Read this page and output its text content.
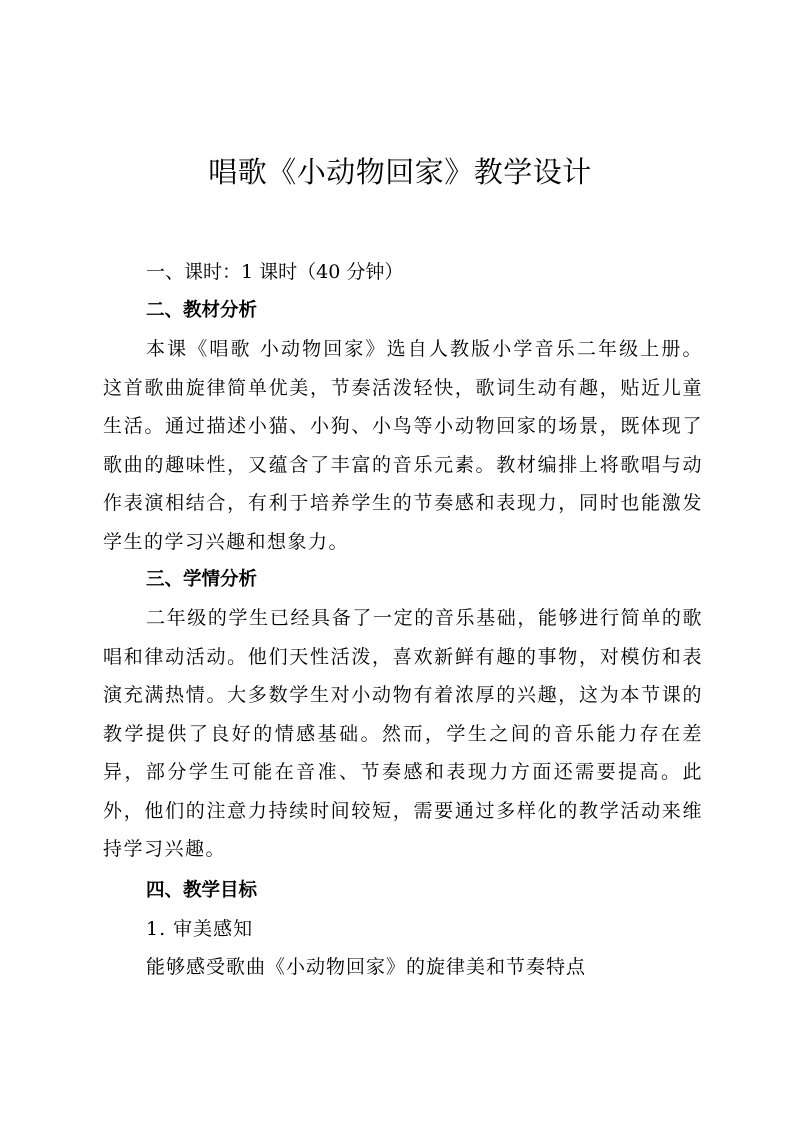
唱歌《小动物回家》教学设计
一、课时：1 课时（40 分钟）
二、教材分析

本课《唱歌 小动物回家》选自人教版小学音乐二年级上册。这首歌曲旋律简单优美，节奏活泼轻快，歌词生动有趣，贴近儿童生活。通过描述小猫、小狗、小鸟等小动物回家的场景，既体现了歌曲的趣味性，又蕴含了丰富的音乐元素。教材编排上将歌唱与动作表演相结合，有利于培养学生的节奏感和表现力，同时也能激发学生的学习兴趣和想象力。

三、学情分析

二年级的学生已经具备了一定的音乐基础，能够进行简单的歌唱和律动活动。他们天性活泼，喜欢新鲜有趣的事物，对模仿和表演充满热情。大多数学生对小动物有着浓厚的兴趣，这为本节课的教学提供了良好的情感基础。然而，学生之间的音乐能力存在差异，部分学生可能在音准、节奏感和表现力方面还需要提高。此外，他们的注意力持续时间较短，需要通过多样化的教学活动来维持学习兴趣。

四、教学目标
1. 审美感知
能够感受歌曲《小动物回家》的旋律美和节奏特点
